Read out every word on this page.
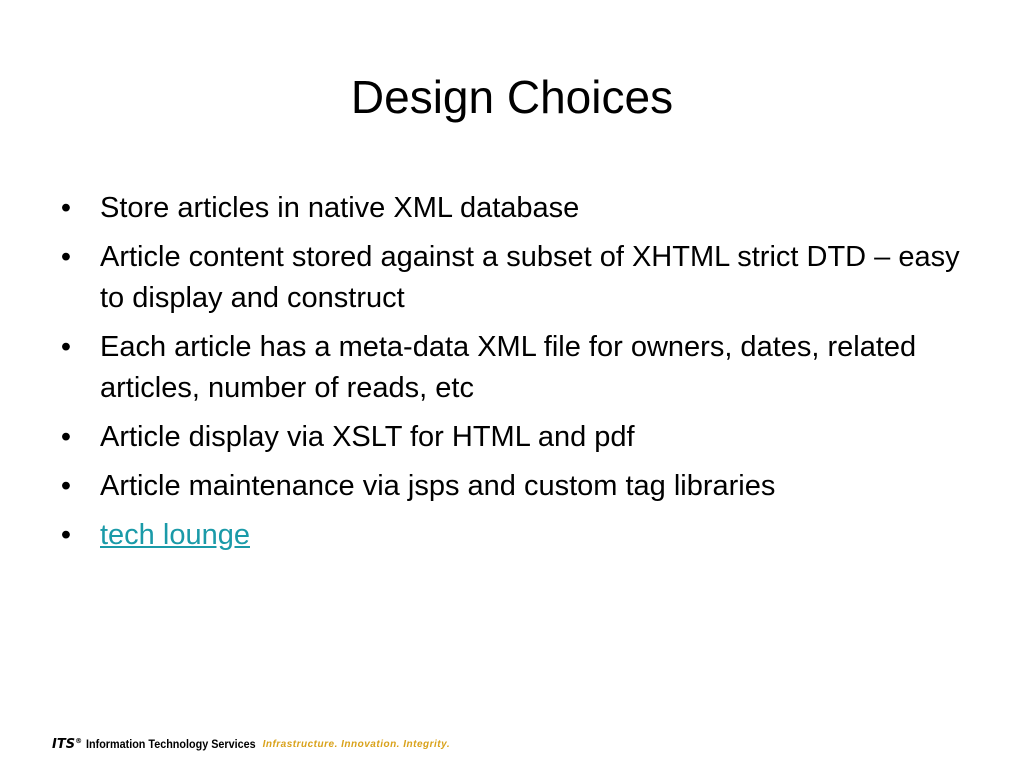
Design Choices
• Store articles in native XML database
• Article content stored against a subset of XHTML strict DTD – easy to display and construct
• Each article has a meta-data XML file for owners, dates, related articles, number of reads, etc
• Article display via XSLT for HTML and pdf
• Article maintenance via jsps and custom tag libraries
• tech lounge
ITS® Information Technology Services Infrastructure. Innovation. Integrity.
